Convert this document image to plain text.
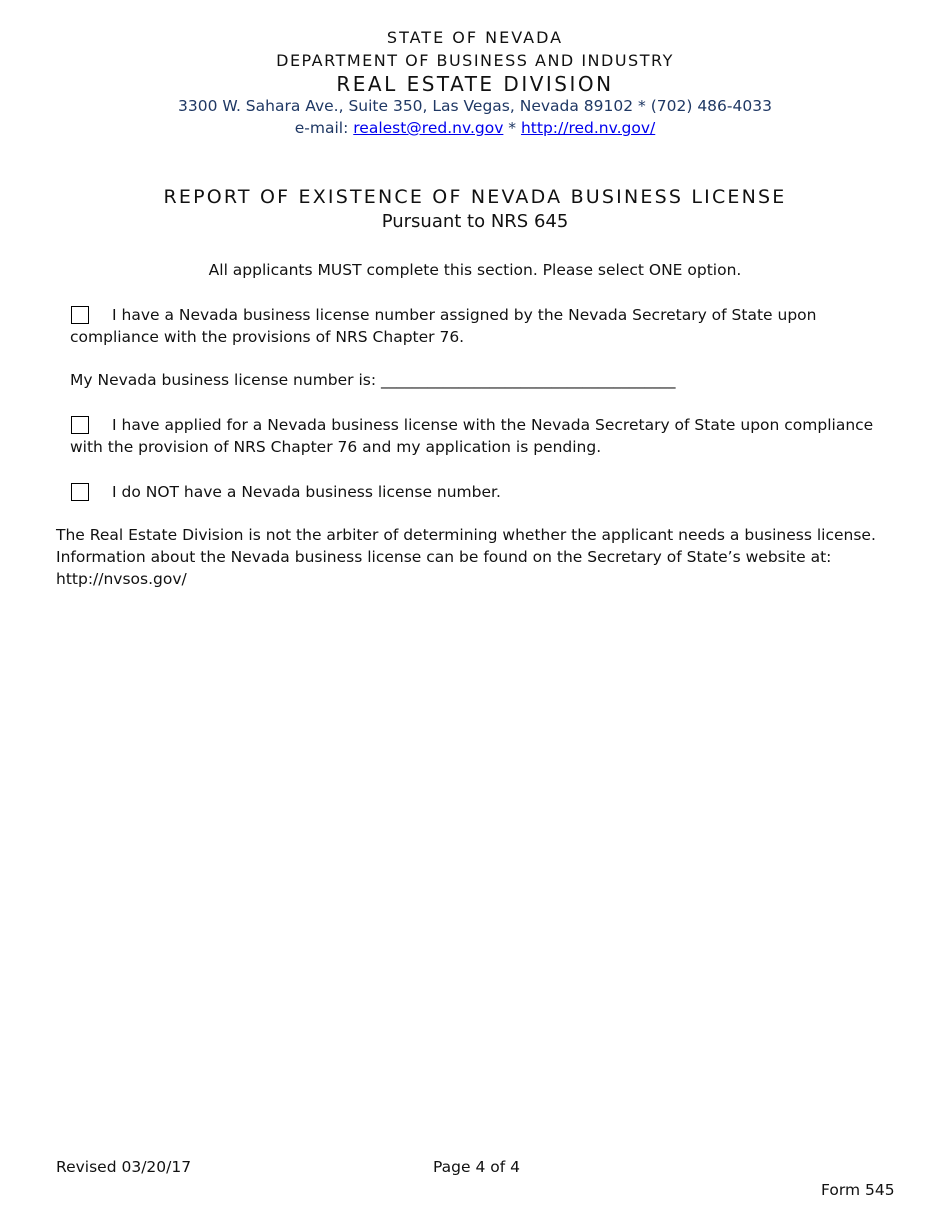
STATE OF NEVADA
DEPARTMENT OF BUSINESS AND INDUSTRY
REAL ESTATE DIVISION
3300 W. Sahara Ave., Suite 350, Las Vegas, Nevada 89102 * (702) 486-4033
e-mail: realest@red.nv.gov * http://red.nv.gov/
REPORT OF EXISTENCE OF NEVADA BUSINESS LICENSE
Pursuant to NRS 645
All applicants MUST complete this section. Please select ONE option.
I have a Nevada business license number assigned by the Nevada Secretary of State upon compliance with the provisions of NRS Chapter 76.
My Nevada business license number is: ______________________________________
I have applied for a Nevada business license with the Nevada Secretary of State upon compliance with the provision of NRS Chapter 76 and my application is pending.
I do NOT have a Nevada business license number.
The Real Estate Division is not the arbiter of determining whether the applicant needs a business license.
Information about the Nevada business license can be found on the Secretary of State’s website at:
http://nvsos.gov/
Revised 03/20/17	Page 4 of 4
Form 545
